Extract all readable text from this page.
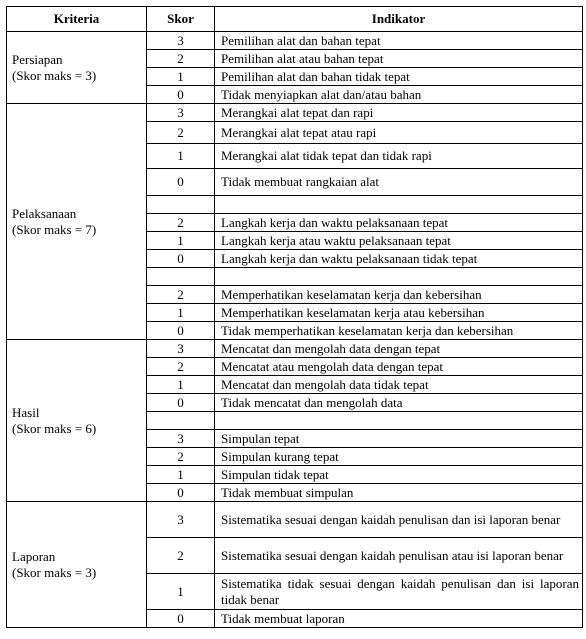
Kriteria	Skor	Indikator

Persiapan
(Skor maks = 3)	3	Pemilihan alat dan bahan tepat
	2	Pemilihan alat atau bahan tepat
	1	Pemilihan alat dan bahan tidak tepat
	0	Tidak menyiapkan alat dan/atau bahan

Pelaksanaan
(Skor maks = 7)	3	Merangkai alat tepat dan rapi
	2	Merangkai alat tepat atau rapi
	1	Merangkai alat tidak tepat dan tidak rapi
	0	Tidak membuat rangkaian alat

	2	Langkah kerja dan waktu pelaksanaan tepat
	1	Langkah kerja atau waktu pelaksanaan tepat
	0	Langkah kerja dan waktu pelaksanaan tidak tepat

	2	Memperhatikan keselamatan kerja dan kebersihan
	1	Memperhatikan keselamatan kerja atau kebersihan
	0	Tidak memperhatikan keselamatan kerja dan kebersihan

Hasil
(Skor maks = 6)	3	Mencatat dan mengolah data dengan tepat
	2	Mencatat atau mengolah data dengan tepat
	1	Mencatat dan mengolah data tidak tepat
	0	Tidak mencatat dan mengolah data

	3	Simpulan tepat
	2	Simpulan kurang tepat
	1	Simpulan tidak tepat
	0	Tidak membuat simpulan

Laporan
(Skor maks = 3)	3	Sistematika sesuai dengan kaidah penulisan dan isi laporan benar
	2	Sistematika sesuai dengan kaidah penulisan atau isi laporan benar
	1	Sistematika tidak sesuai dengan kaidah penulisan dan isi laporan tidak benar
	0	Tidak membuat laporan
